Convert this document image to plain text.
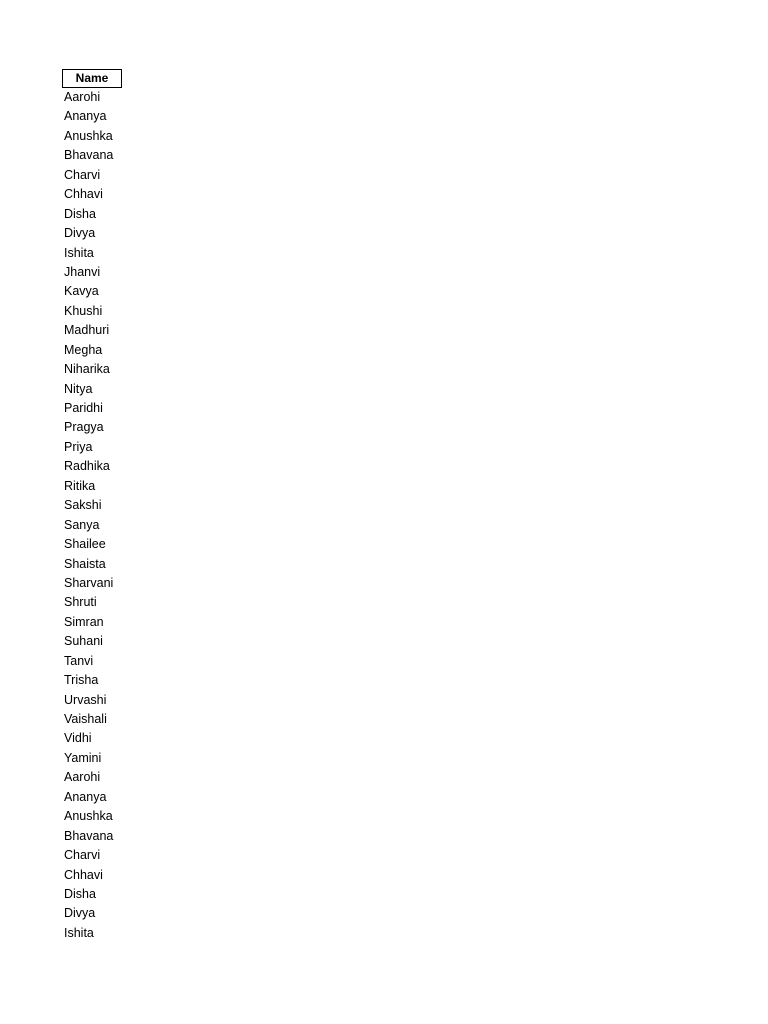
Name
Aarohi
Ananya
Anushka
Bhavana
Charvi
Chhavi
Disha
Divya
Ishita
Jhanvi
Kavya
Khushi
Madhuri
Megha
Niharika
Nitya
Paridhi
Pragya
Priya
Radhika
Ritika
Sakshi
Sanya
Shailee
Shaista
Sharvani
Shruti
Simran
Suhani
Tanvi
Trisha
Urvashi
Vaishali
Vidhi
Yamini
Aarohi
Ananya
Anushka
Bhavana
Charvi
Chhavi
Disha
Divya
Ishita
